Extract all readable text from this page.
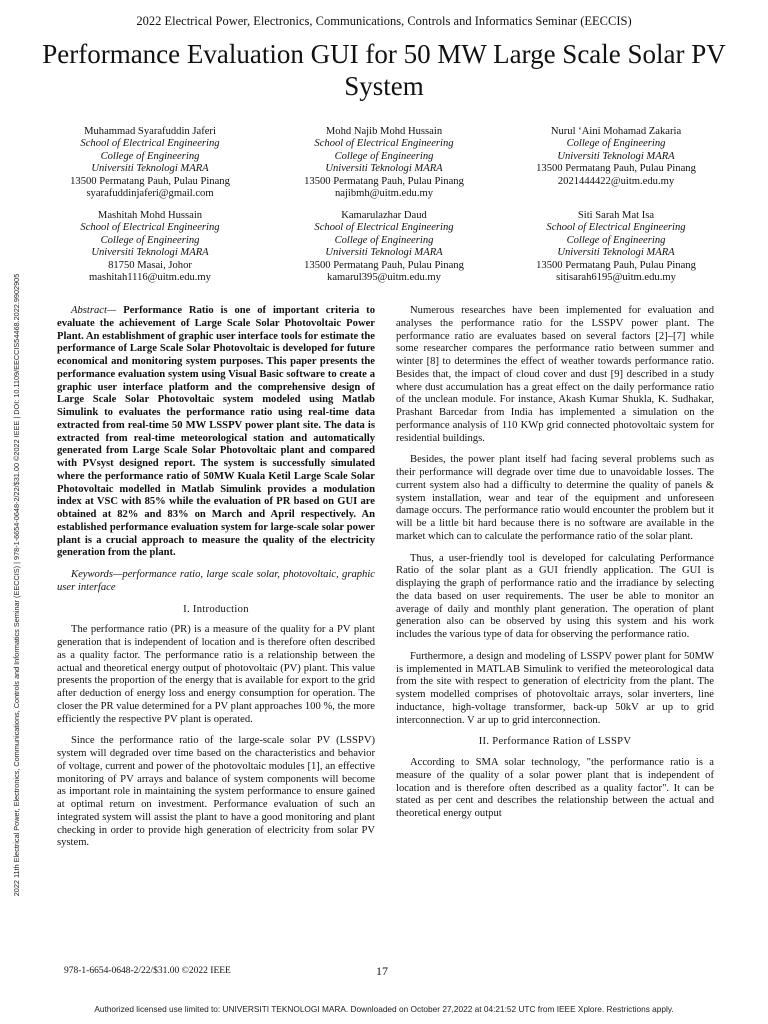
2022 Electrical Power, Electronics, Communications, Controls and Informatics Seminar (EECCIS)
Performance Evaluation GUI for 50 MW Large Scale Solar PV System
Muhammad Syarafuddin Jaferi
School of Electrical Engineering
College of Engineering
Universiti Teknologi MARA
13500 Permatang Pauh, Pulau Pinang
syarafuddinjaferi@gmail.com
Mohd Najib Mohd Hussain
School of Electrical Engineering
College of Engineering
Universiti Teknologi MARA
13500 Permatang Pauh, Pulau Pinang
najibmh@uitm.edu.my
Nurul ‘Aini Mohamad Zakaria
College of Engineering
Universiti Teknologi MARA
13500 Permatang Pauh, Pulau Pinang
2021444422@uitm.edu.my
Mashitah Mohd Hussain
School of Electrical Engineering
College of Engineering
Universiti Teknologi MARA
81750 Masai, Johor
mashitah1116@uitm.edu.my
Kamarulazhar Daud
School of Electrical Engineering
College of Engineering
Universiti Teknologi MARA
13500 Permatang Pauh, Pulau Pinang
kamarul395@uitm.edu.my
Siti Sarah Mat Isa
School of Electrical Engineering
College of Engineering
Universiti Teknologi MARA
13500 Permatang Pauh, Pulau Pinang
sitisarah6195@uitm.edu.my

Abstract— Performance Ratio is one of important criteria to evaluate the achievement of Large Scale Solar Photovoltaic Power Plant. An establishment of graphic user interface tools for estimate the performance of Large Scale Solar Photovoltaic is developed for future economical and monitoring system purposes. This paper presents the performance evaluation system using Visual Basic software to create a graphic user interface platform and the comprehensive design of Large Scale Solar Photovoltaic system modeled using Matlab Simulink to evaluates the performance ratio using real-time data extracted from real-time 50 MW LSSPV power plant site. The data is extracted from real-time meteorological station and automatically generated from Large Scale Solar Photovoltaic plant and compared with PVsyst designed report. The system is successfully simulated where the performance ratio of 50MW Kuala Ketil Large Scale Solar Photovoltaic modelled in Matlab Simulink provides a modulation index at VSC with 85% while the evaluation of PR based on GUI are obtained at 82% and 83% on March and April respectively. An established performance evaluation system for large-scale solar power plant is a crucial approach to measure the quality of the electricity generation from the plant.

Keywords—performance ratio, large scale solar, photovoltaic, graphic user interface

I. Introduction

The performance ratio (PR) is a measure of the quality for a PV plant generation that is independent of location and is therefore often described as a quality factor. The performance ratio is a relationship between the actual and theoretical energy output of photovoltaic (PV) plant. This value presents the proportion of the energy that is available for export to the grid after deduction of energy loss and energy consumption for operation. The closer the PR value determined for a PV plant approaches 100 %, the more efficiently the respective PV plant is operated.

Since the performance ratio of the large-scale solar PV (LSSPV) system will degraded over time based on the characteristics and behavior of voltage, current and power of the photovoltaic modules [1], an effective monitoring of PV arrays and balance of system components will become as important role in maintaining the system performance to ensure gained at optimal return on investment. Performance evaluation of such an integrated system will assist the plant to have a good monitoring and plant checking in order to provide high generation of electricity from solar PV system.

Numerous researches have been implemented for evaluation and analyses the performance ratio for the LSSPV power plant. The performance ratio are evaluates based on several factors [2]–[7] while some researcher compares the performance ratio between summer and winter [8] to determines the effect of weather towards performance ratio. Besides that, the impact of cloud cover and dust [9] described in a study where dust accumulation has a great effect on the daily performance ratio of the unclean module. For instance, Akash Kumar Shukla, K. Sudhakar, Prashant Barcedar from India has implemented a simulation on the performance analysis of 110 KWp grid connected photovoltaic system for residential buildings.

Besides, the power plant itself had facing several problems such as their performance will degrade over time due to unavoidable losses. The current system also had a difficulty to determine the quality of panels & system installation, wear and tear of the equipment and unforeseen damage occurs. The performance ratio would encounter the problem but it will be a little bit hard because there is no software are available in the market which can to calculate the performance ratio of the solar plant.

Thus, a user-friendly tool is developed for calculating Performance Ratio of the solar plant as a GUI friendly application. The GUI is displaying the graph of performance ratio and the irradiance by selecting the data based on user requirements. The user be able to monitor an average of daily and monthly plant generation. The operation of plant generation also can be observed by using this system and his work includes the various type of data for observing the performance ratio.

Furthermore, a design and modeling of LSSPV power plant for 50MW is implemented in MATLAB Simulink to verified the meteorological data from the site with respect to generation of electricity from the plant. The system modelled comprises of photovoltaic arrays, solar inverters, line inductance, high-voltage transformer, back-up 50kV ar up to grid interconnection. V ar up to grid interconnection.

II. Performance Ration of LSSPV

According to SMA solar technology, "the performance ratio is a measure of the quality of a solar power plant that is independent of location and is therefore often described as a quality factor". It can be stated as per cent and describes the relationship between the actual and theoretical energy output

2022 11th Electrical Power, Electronics, Communications, Controls and Informatics Seminar (EECCIS) | 978-1-6654-0648-2/22/$31.00 ©2022 IEEE | DOI: 10.1109/EECCIS54468.2022.9902905
978-1-6654-0648-2/22/$31.00 ©2022 IEEE	17
Authorized licensed use limited to: UNIVERSITI TEKNOLOGI MARA. Downloaded on October 27,2022 at 04:21:52 UTC from IEEE Xplore. Restrictions apply.
